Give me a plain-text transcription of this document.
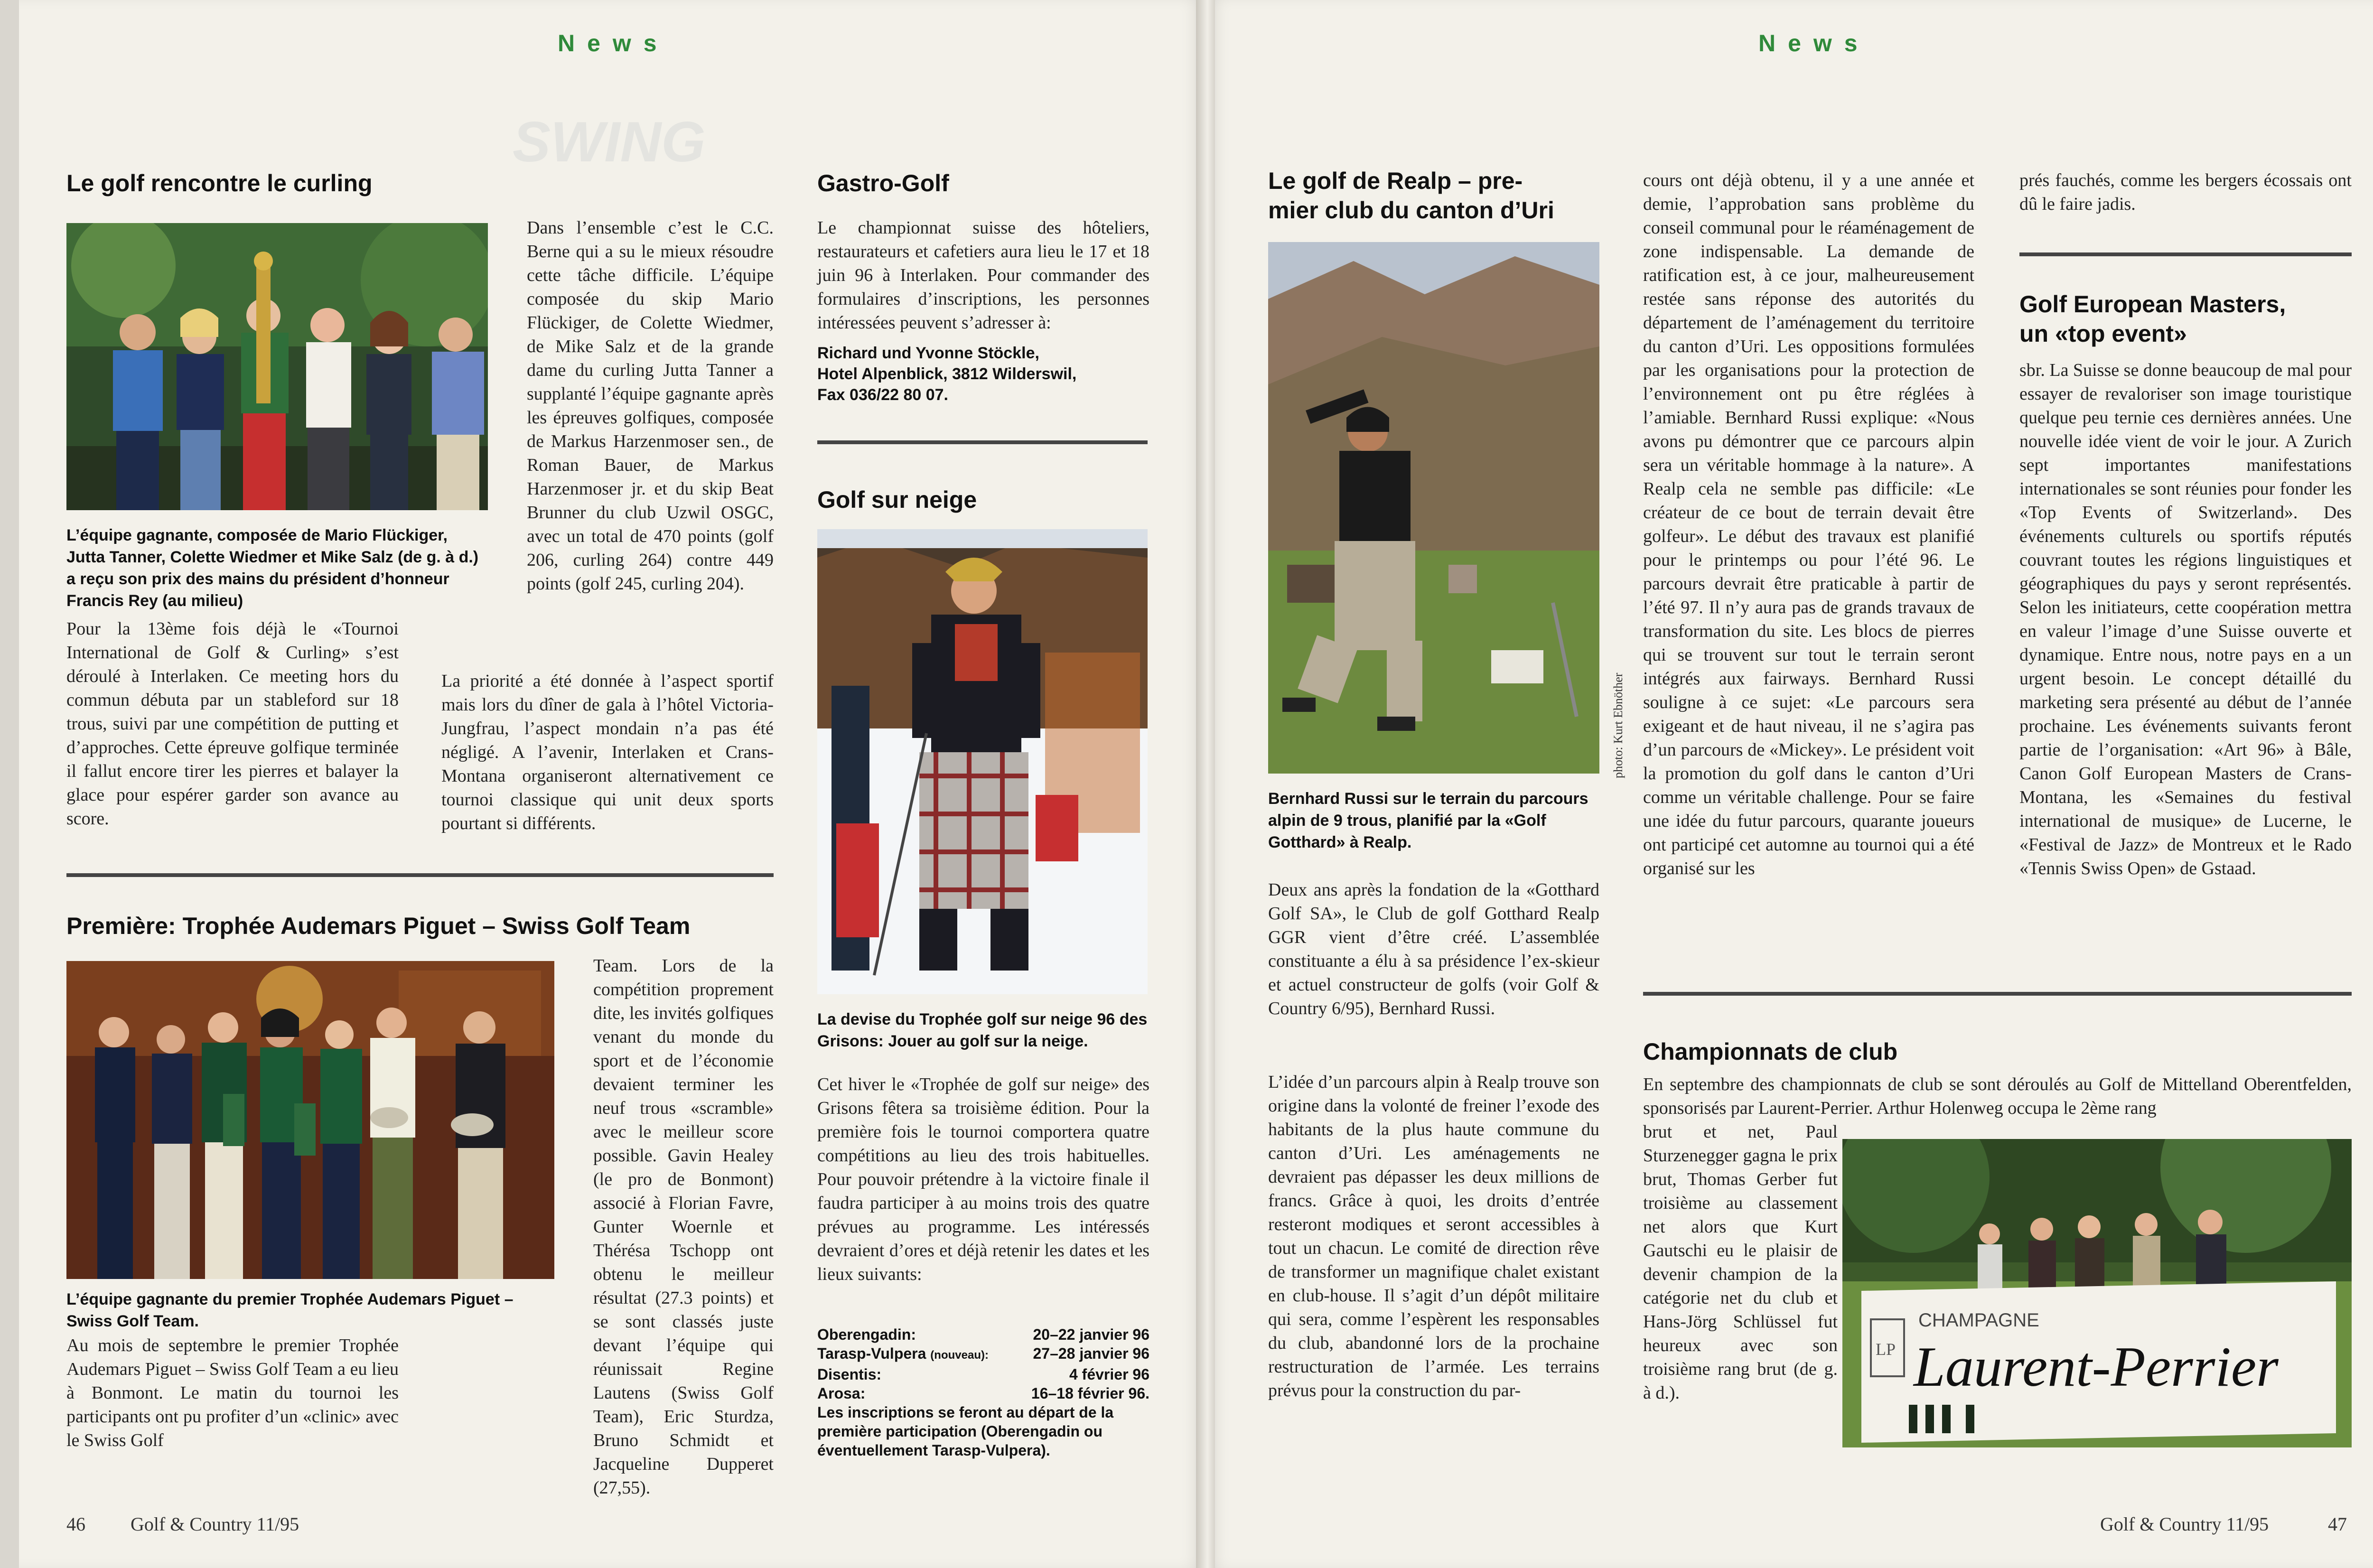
SWING
News
Le golf rencontre le curling
L’équipe gagnante, composée de Mario Flückiger, Jutta Tanner, Colette Wiedmer et Mike Salz (de g. à d.) a reçu son prix des mains du président d’honneur Francis Rey (au milieu)
Pour la 13ème fois déjà le «Tournoi International de Golf & Curling» s’est déroulé à Interlaken. Ce meeting hors du commun débuta par un stableford sur 18 trous, suivi par une compétition de putting et d’approches. Cette épreuve golfique terminée il fallut encore tirer les pierres et balayer la glace pour espérer garder son avance au score.
Dans l’ensemble c’est le C.C. Berne qui a su le mieux résoudre cette tâche difficile. L’équipe composée du skip Mario Flückiger, de Colette Wiedmer, de Mike Salz et de la grande dame du curling Jutta Tanner a supplanté l’équipe gagnante après les épreuves golfiques, composée de Markus Harzenmoser sen., de Roman Bauer, de Markus Harzenmoser jr. et du skip Beat Brunner du club Uzwil OSGC, avec un total de 470 points (golf 206, curling 264) contre 449 points (golf 245, curling 204).
La priorité a été donnée à l’aspect sportif mais lors du dîner de gala à l’hôtel Victoria-Jungfrau, l’aspect mondain n’a pas été négligé. A l’avenir, Interlaken et Crans-Montana organiseront alternativement ce tournoi classique qui unit deux sports pourtant si différents.
Première: Trophée Audemars Piguet – Swiss Golf Team
L’équipe gagnante du premier Trophée Audemars Piguet – Swiss Golf Team.
Au mois de septembre le premier Trophée Audemars Piguet – Swiss Golf Team a eu lieu à Bonmont. Le matin du tournoi les participants ont pu profiter d’un «clinic» avec le Swiss Golf
Team. Lors de la compétition proprement dite, les invités golfiques venant du monde du sport et de l’économie devaient terminer les neuf trous «scramble» avec le meilleur score possible. Gavin Healey (le pro de Bonmont) associé à Florian Favre, Gunter Woernle et Thérésa Tschopp ont obtenu le meilleur résultat (27.3 points) et se sont classés juste devant l’équipe qui réunissait Regine Lautens (Swiss Golf Team), Eric Sturdza, Bruno Schmidt et Jacqueline Dupperet (27,55).
Gastro-Golf
Le championnat suisse des hôteliers, restaurateurs et cafetiers aura lieu le 17 et 18 juin 96 à Interlaken. Pour commander des formulaires d’inscriptions, les personnes intéressées peuvent s’adresser à:
Richard und Yvonne Stöckle,
Hotel Alpenblick, 3812 Wilderswil,
Fax 036/22 80 07.
Golf sur neige
La devise du Trophée golf sur neige 96 des Grisons: Jouer au golf sur la neige.
Cet hiver le «Trophée de golf sur neige» des Grisons fêtera sa troisième édition. Pour la première fois le tournoi comportera quatre compétitions au lieu des trois habituelles. Pour pouvoir prétendre à la victoire finale il faudra participer à au moins trois des quatre prévues au programme. Les intéressés devraient d’ores et déjà retenir les dates et les lieux suivants:
Oberengadin:	20–22 janvier 96
Tarasp-Vulpera (nouveau):	27–28 janvier 96
Disentis:	4 février 96
Arosa:	16–18 février 96.
Les inscriptions se feront au départ de la première participation (Oberengadin ou éventuellement Tarasp-Vulpera).
46 Golf & Country 11/95
News
Le golf de Realp – pre-
mier club du canton d’Uri
photo: Kurt Ebnöther
Bernhard Russi sur le terrain du parcours alpin de 9 trous, planifié par la «Golf Gotthard» à Realp.
Deux ans après la fondation de la «Gotthard Golf SA», le Club de golf Gotthard Realp GGR vient d’être créé. L’assemblée constituante a élu à sa présidence l’ex-skieur et actuel constructeur de golfs (voir Golf & Country 6/95), Bernhard Russi.
L’idée d’un parcours alpin à Realp trouve son origine dans la volonté de freiner l’exode des habitants de la plus haute commune du canton d’Uri. Les aménagements ne devraient pas dépasser les deux millions de francs. Grâce à quoi, les droits d’entrée resteront modiques et seront accessibles à tout un chacun. Le comité de direction rêve de transformer un magnifique chalet existant en club-house. Il s’agit d’un dépôt militaire qui sera, comme l’espèrent les responsables du club, abandonné lors de la prochaine restructuration de l’armée. Les terrains prévus pour la construction du par-
cours ont déjà obtenu, il y a une année et demie, l’approbation sans problème du conseil communal pour le réaménagement de zone indispensable. La demande de ratification est, à ce jour, malheureusement restée sans réponse des autorités du département de l’aménagement du territoire du canton d’Uri. Les oppositions formulées par les organisations pour la protection de l’environnement ont pu être réglées à l’amiable. Bernhard Russi explique: «Nous avons pu démontrer que ce parcours alpin sera un véritable hommage à la nature». A Realp cela ne semble pas difficile: «Le créateur de ce bout de terrain devait être golfeur». Le début des travaux est planifié pour le printemps ou pour l’été 96. Le parcours devrait être praticable à partir de l’été 97. Il n’y aura pas de grands travaux de transformation du site. Les blocs de pierres qui se trouvent sur tout le terrain seront intégrés aux fairways. Bernhard Russi souligne à ce sujet: «Le parcours sera exigeant et de haut niveau, il ne s’agira pas d’un parcours de «Mickey». Le président voit la promotion du golf dans le canton d’Uri comme un véritable challenge. Pour se faire une idée du futur parcours, quarante joueurs ont participé cet automne au tournoi qui a été organisé sur les
prés fauchés, comme les bergers écossais ont dû le faire jadis.
Golf European Masters,
un «top event»
sbr. La Suisse se donne beaucoup de mal pour essayer de revaloriser son image touristique quelque peu ternie ces dernières années. Une nouvelle idée vient de voir le jour. A Zurich sept importantes manifestations internationales se sont réunies pour fonder les «Top Events of Switzerland». Des événements culturels ou sportifs réputés couvrant toutes les régions linguistiques et géographiques du pays y seront représentés. Selon les initiateurs, cette coopération mettra en valeur l’image d’une Suisse ouverte et dynamique. Entre nous, notre pays en a un urgent besoin. Le concept détaillé du marketing sera présenté au début de l’année prochaine. Les événements suivants feront partie de l’organisation: «Art 96» à Bâle, Canon Golf European Masters de Crans-Montana, les «Semaines du festival international de musique» de Lucerne, le «Festival de Jazz» de Montreux et le Rado «Tennis Swiss Open» de Gstaad.
Championnats de club
En septembre des championnats de club se sont déroulés au Golf de Mittelland Oberentfelden, sponsorisés par Laurent-Perrier. Arthur Holenweg occupa le 2ème rang
brut et net, Paul Sturzenegger gagna le prix brut, Thomas Gerber fut troisième au classement net alors que Kurt Gautschi eu le plaisir de devenir champion de la catégorie net du club et Hans-Jörg Schlüssel fut heureux avec son troisième rang brut (de g. à d.).
CHAMPAGNE
Laurent-Perrier
LP
Golf & Country 11/95	47
